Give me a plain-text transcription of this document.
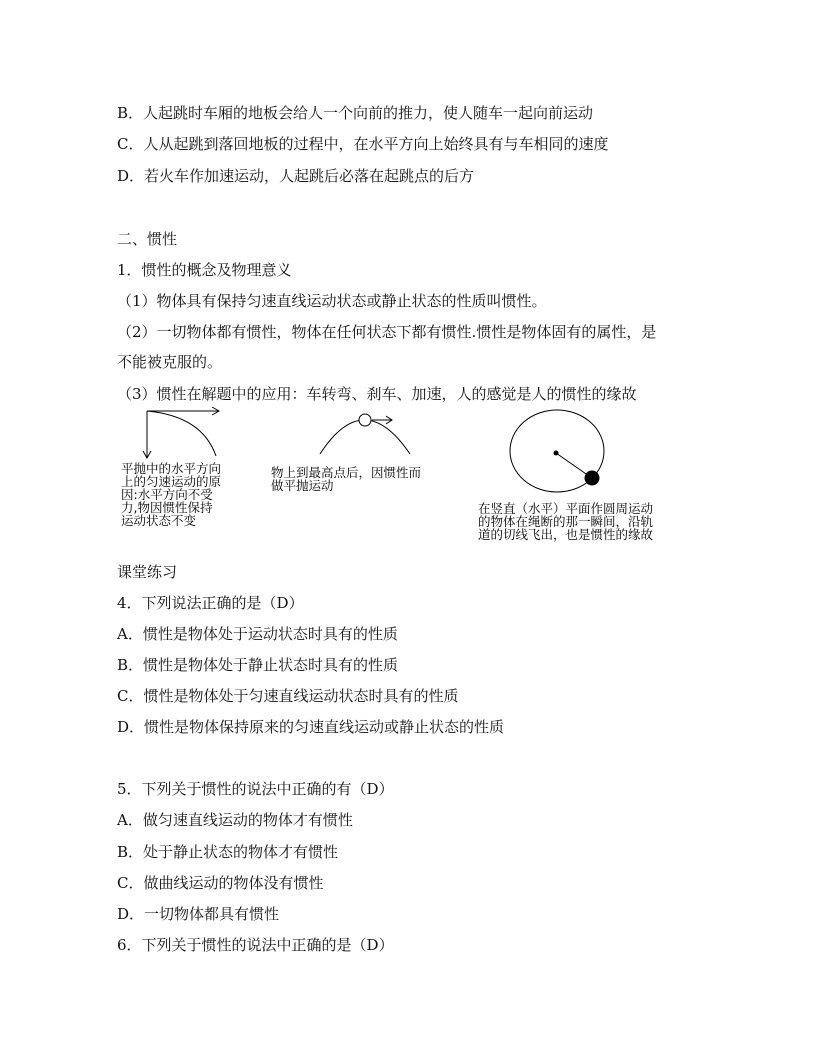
B．人起跳时车厢的地板会给人一个向前的推力，使人随车一起向前运动
C．人从起跳到落回地板的过程中，在水平方向上始终具有与车相同的速度
D．若火车作加速运动，人起跳后必落在起跳点的后方
二、惯性
1．惯性的概念及物理意义
（1）物体具有保持匀速直线运动状态或静止状态的性质叫惯性。
（2）一切物体都有惯性，物体在任何状态下都有惯性.惯性是物体固有的属性，是
不能被克服的。
（3）惯性在解题中的应用：车转弯、刹车、加速，人的感觉是人的惯性的缘故
平抛中的水平方向
上的匀速运动的原
因:水平方向不受
力,物因惯性保持
运动状态不变
物上到最高点后，因惯性而
做平抛运动
在竖直（水平）平面作圆周运动
的物体在绳断的那一瞬间，沿轨
道的切线飞出，也是惯性的缘故
课堂练习
4．下列说法正确的是（D）
A．惯性是物体处于运动状态时具有的性质
B．惯性是物体处于静止状态时具有的性质
C．惯性是物体处于匀速直线运动状态时具有的性质
D．惯性是物体保持原来的匀速直线运动或静止状态的性质
5．下列关于惯性的说法中正确的有（D）
A．做匀速直线运动的物体才有惯性
B．处于静止状态的物体才有惯性
C．做曲线运动的物体没有惯性
D．一切物体都具有惯性
6．下列关于惯性的说法中正确的是（D）
